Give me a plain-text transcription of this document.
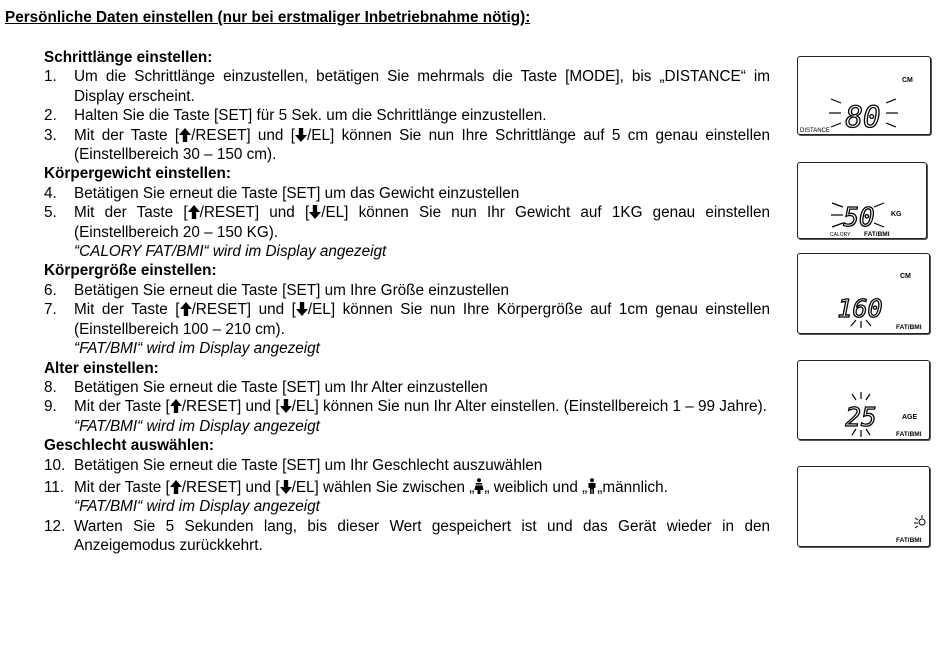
Persönliche Daten einstellen (nur bei erstmaliger Inbetriebnahme nötig):
Schrittlänge einstellen:
1. Um die Schrittlänge einzustellen, betätigen Sie mehrmals die Taste [MODE], bis „DISTANCE“ im Display erscheint.
2. Halten Sie die Taste [SET] für 5 Sek. um die Schrittlänge einzustellen.
3. Mit der Taste [ /RESET] und [ /EL] können Sie nun Ihre Schrittlänge auf 5 cm genau einstellen (Einstellbereich 30 – 150 cm).
Körpergewicht einstellen:
4. Betätigen Sie erneut die Taste [SET] um das Gewicht einzustellen
5. Mit der Taste [ /RESET] und [ /EL] können Sie nun Ihr Gewicht auf 1KG genau einstellen (Einstellbereich 20 – 150 KG).
“CALORY FAT/BMI“ wird im Display angezeigt
Körpergröße einstellen:
6. Betätigen Sie erneut die Taste [SET] um Ihre Größe einzustellen
7. Mit der Taste [ /RESET] und [ /EL] können Sie nun Ihre Körpergröße auf 1cm genau einstellen (Einstellbereich 100 – 210 cm).
“FAT/BMI“ wird im Display angezeigt
Alter einstellen:
8. Betätigen Sie erneut die Taste [SET] um Ihr Alter einzustellen
9. Mit der Taste [ /RESET] und [ /EL] können Sie nun Ihr Alter einstellen. (Einstellbereich 1 – 99 Jahre).
“FAT/BMI“ wird im Display angezeigt
Geschlecht auswählen:
10. Betätigen Sie erneut die Taste [SET] um Ihr Geschlecht auszuwählen
11. Mit der Taste [ /RESET] und [ /EL] wählen Sie zwischen „ „ weiblich und „ „männlich.
“FAT/BMI“ wird im Display angezeigt
12. Warten Sie 5 Sekunden lang, bis dieser Wert gespeichert ist und das Gerät wieder in den Anzeigemodus zurückkehrt.
80
CM
DISTANCE
50 KG
CALORY FAT/BMI
160
CM
FAT/BMI
25	AGE
FAT/BMI
FAT/BMI
